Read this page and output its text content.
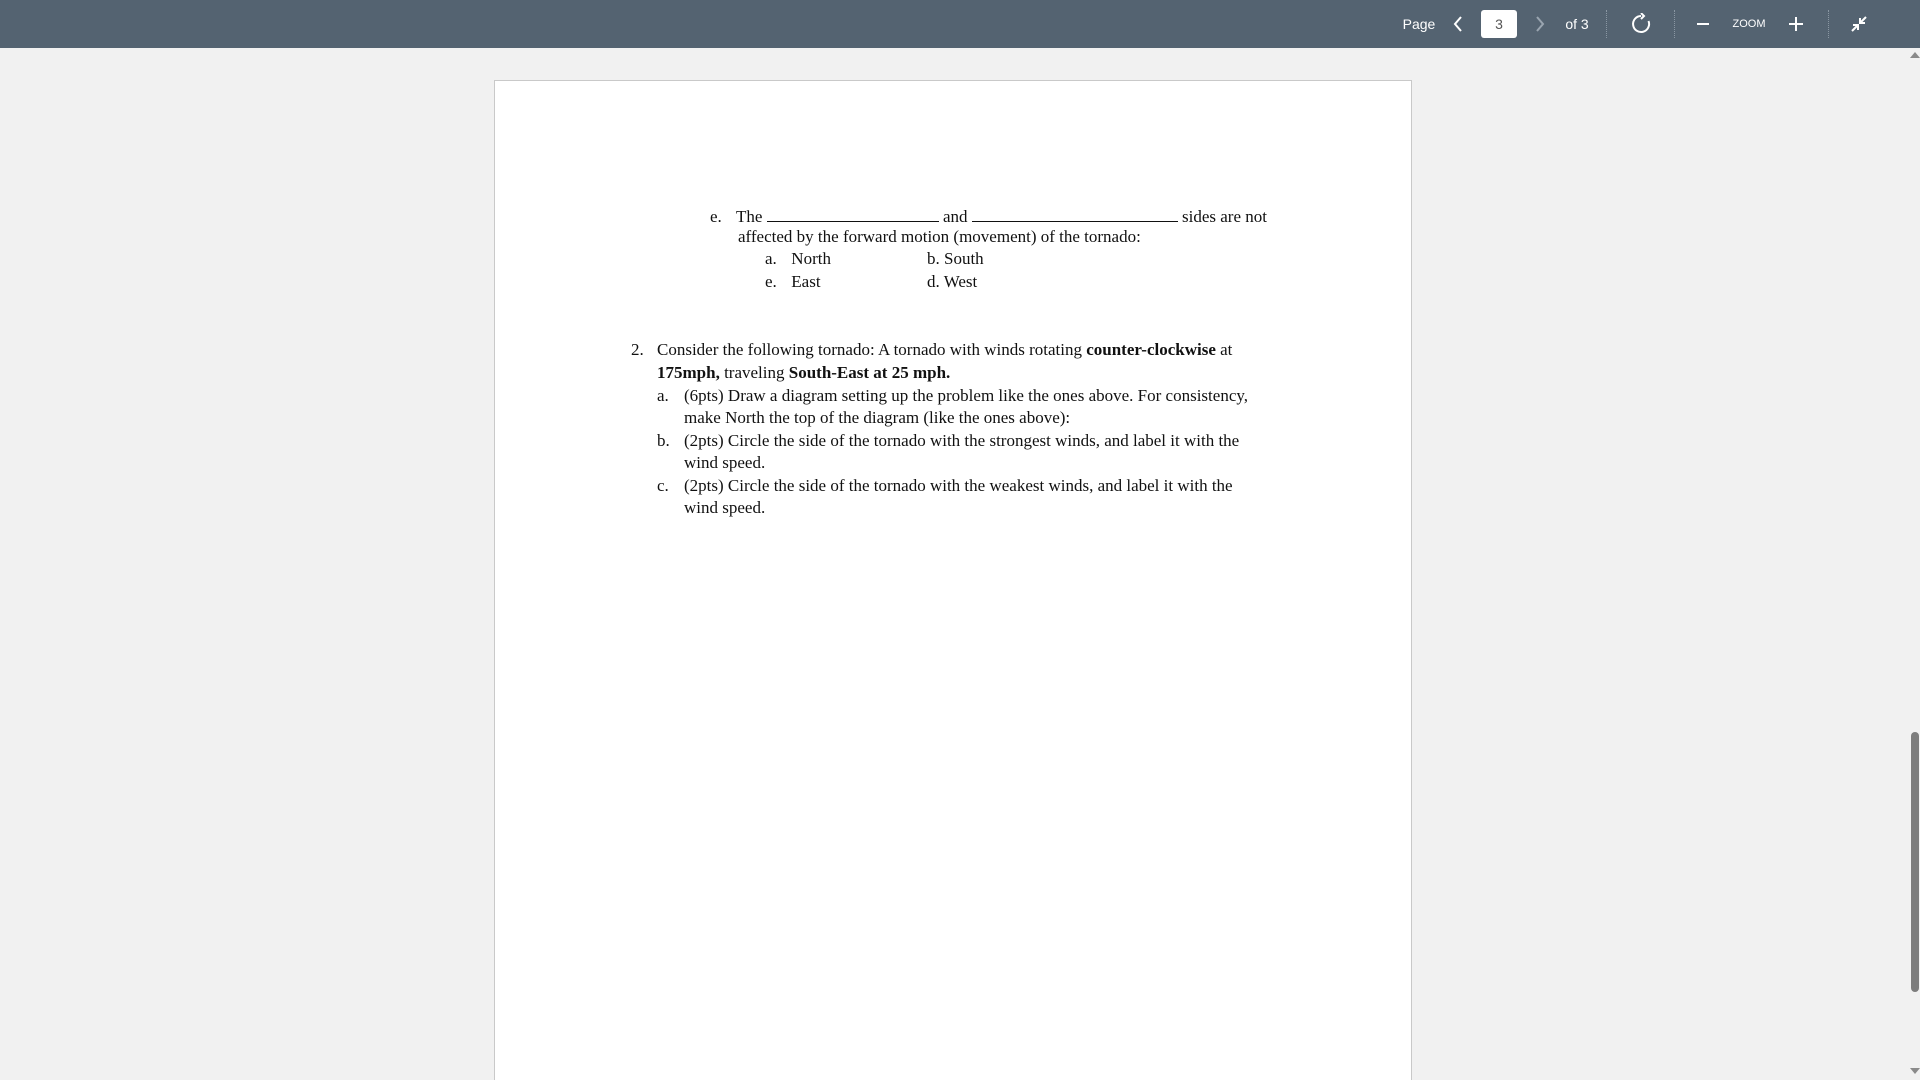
Page
3	of 3	ZOOM
e. The	and	sides are not
affected by the forward motion (movement) of the tornado:
a. North	b. South
e. East	d. West
2. Consider the following tornado: A tornado with winds rotating counter-clockwise at
175mph, traveling South-East at 25 mph.
a. (6pts) Draw a diagram setting up the problem like the ones above. For consistency,
make North the top of the diagram (like the ones above):
b. (2pts) Circle the side of the tornado with the strongest winds, and label it with the
wind speed.
c. (2pts) Circle the side of the tornado with the weakest winds, and label it with the
wind speed.
